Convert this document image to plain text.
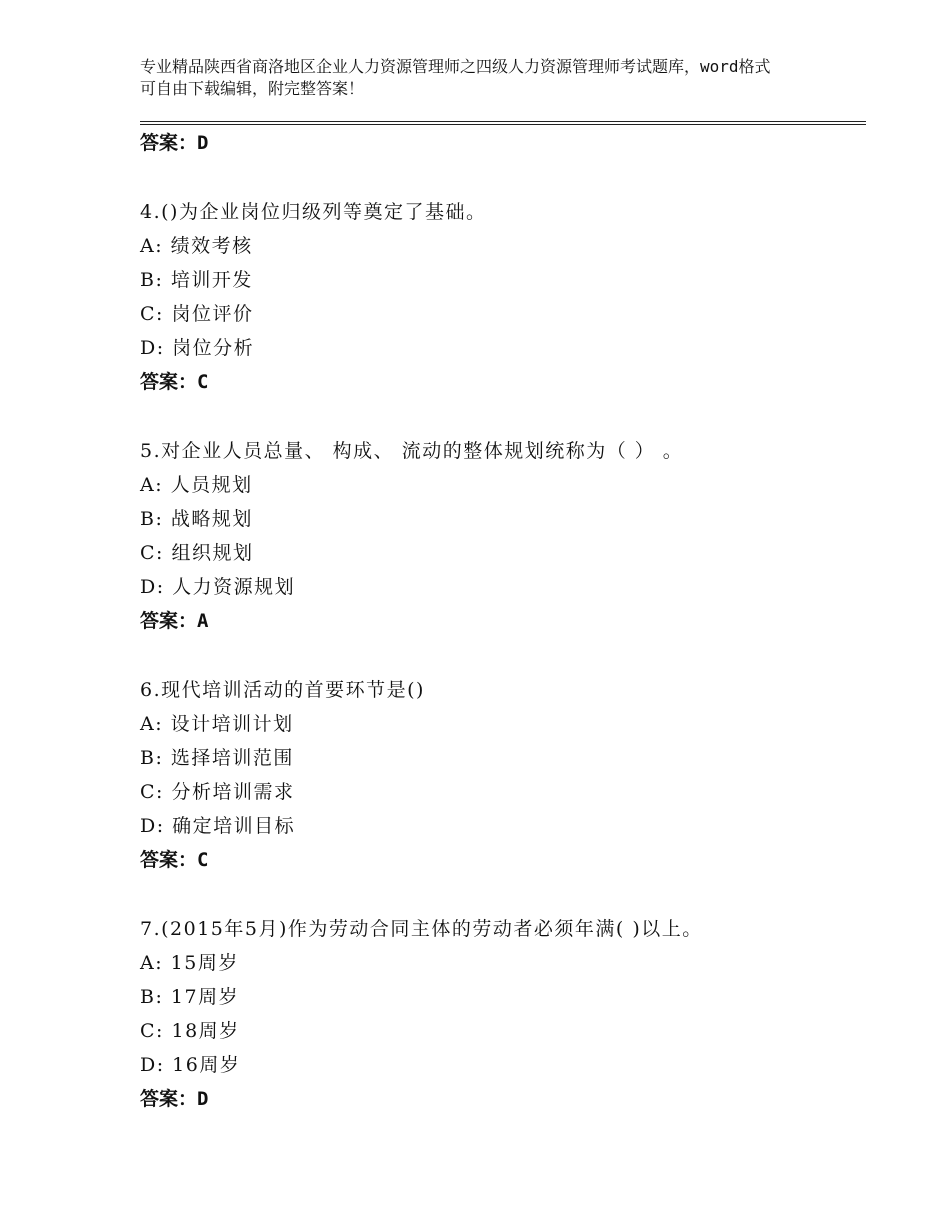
专业精品陕西省商洛地区企业人力资源管理师之四级人力资源管理师考试题库，word格式可自由下载编辑，附完整答案！
答案：D
4.()为企业岗位归级列等奠定了基础。
A: 绩效考核
B: 培训开发
C: 岗位评价
D: 岗位分析
答案：C
5.对企业人员总量、 构成、 流动的整体规划统称为（ ） 。
A: 人员规划
B: 战略规划
C: 组织规划
D: 人力资源规划
答案：A
6.现代培训活动的首要环节是()
A: 设计培训计划
B: 选择培训范围
C: 分析培训需求
D: 确定培训目标
答案：C
7.(2015年5月)作为劳动合同主体的劳动者必须年满( )以上。
A: 15周岁
B: 17周岁
C: 18周岁
D: 16周岁
答案：D
